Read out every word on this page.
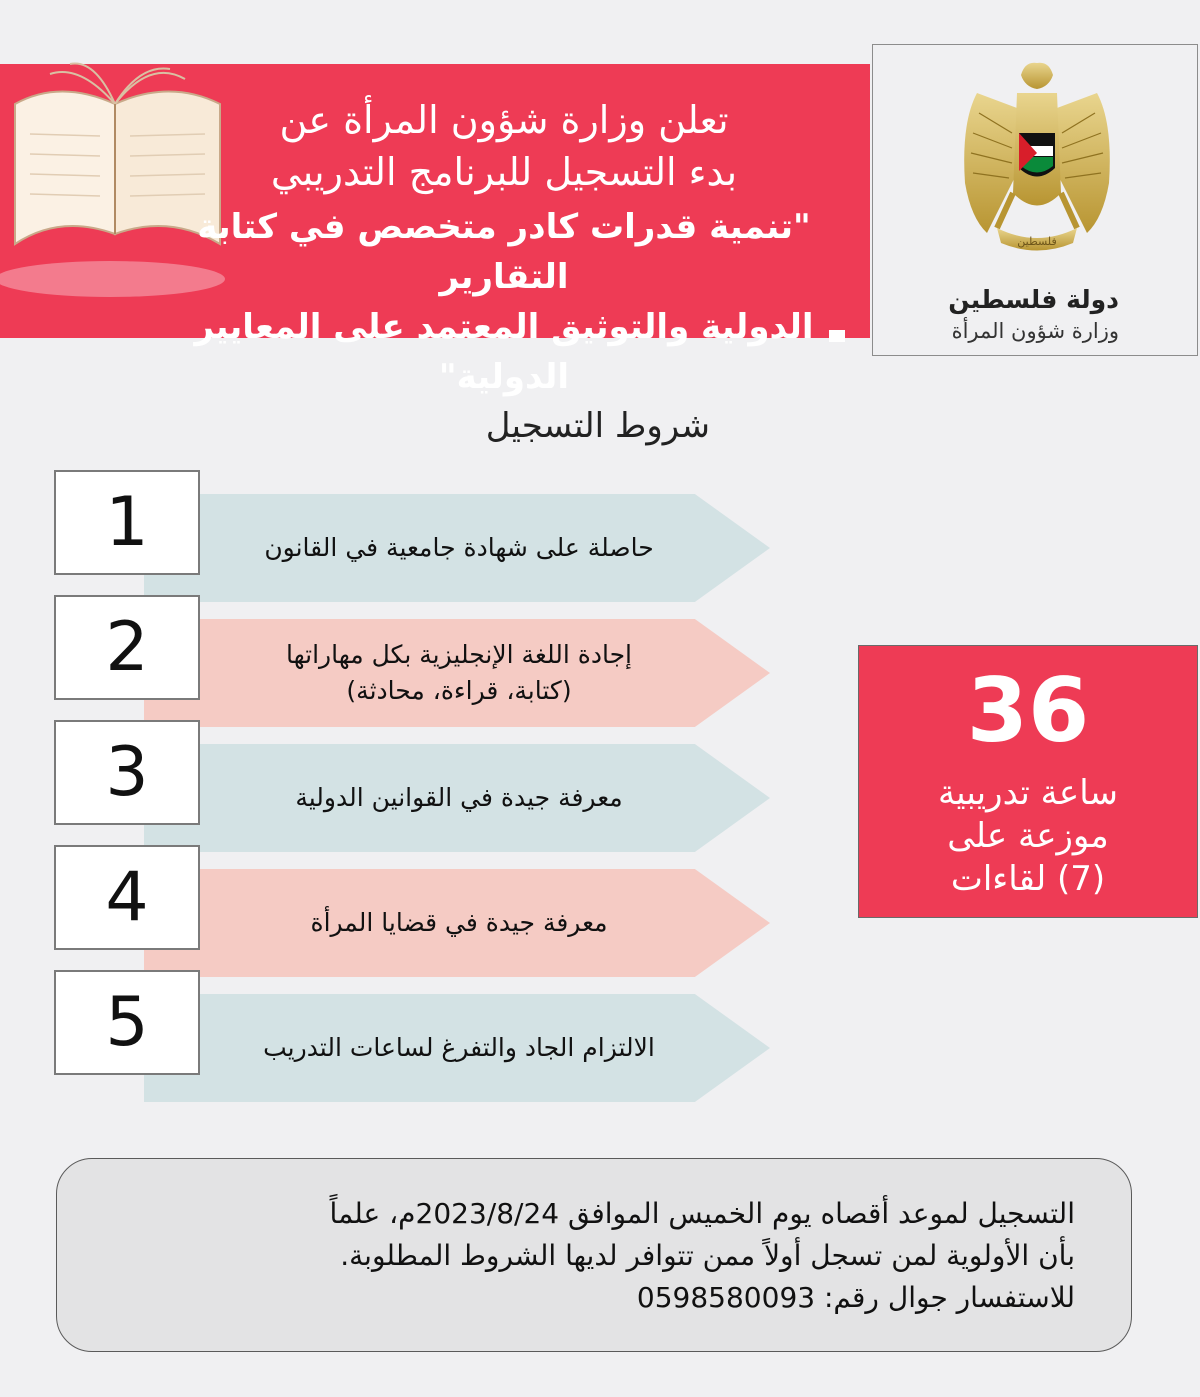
تعلن وزارة شؤون المرأة عن
بدء التسجيل للبرنامج التدريبي
"تنمية قدرات كادر متخصص في كتابة التقارير
الدولية والتوثيق المعتمد على المعايير الدولية"
فلسطين
دولة فلسطين
وزارة شؤون المرأة
شروط التسجيل
1	حاصلة على شهادة جامعية في القانون
2	إجادة اللغة الإنجليزية بكل مهاراتها
(كتابة، قراءة، محادثة)
3	معرفة جيدة في القوانين الدولية
4	معرفة جيدة في قضايا المرأة
5	الالتزام الجاد والتفرغ لساعات التدريب
36
ساعة تدريبية
موزعة على
(7) لقاءات
التسجيل لموعد أقصاه يوم الخميس الموافق 2023/8/24م، علماً
بأن الأولوية لمن تسجل أولاً ممن تتوافر لديها الشروط المطلوبة.
للاستفسار جوال رقم: 0598580093
